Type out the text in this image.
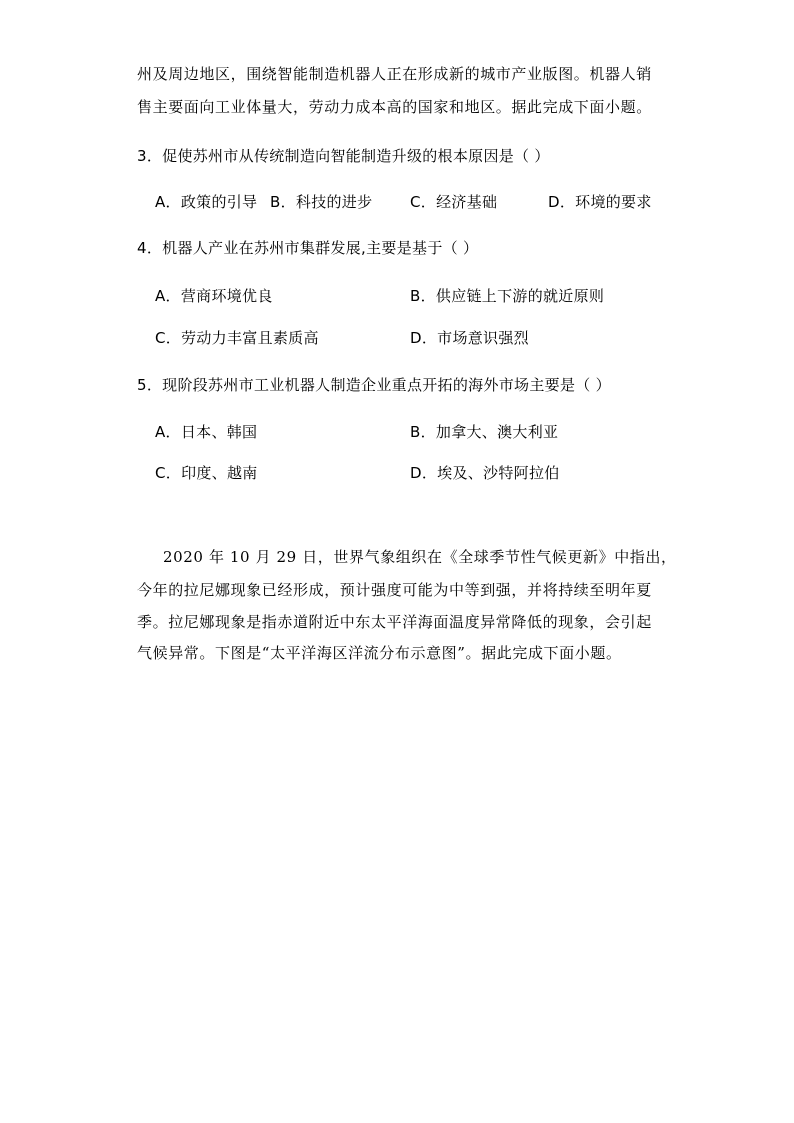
州及周边地区，围绕智能制造机器人正在形成新的城市产业版图。机器人销
售主要面向工业体量大，劳动力成本高的国家和地区。据此完成下面小题。
3．促使苏州市从传统制造向智能制造升级的根本原因是（ ）
A．政策的引导 B．科技的进步	C．经济基础	D．环境的要求
4．机器人产业在苏州市集群发展,主要是基于（ ）
A．营商环境优良	B．供应链上下游的就近原则
C．劳动力丰富且素质高	D．市场意识强烈
5．现阶段苏州市工业机器人制造企业重点开拓的海外市场主要是（ ）
A．日本、韩国	B．加拿大、澳大利亚
C．印度、越南	D．埃及、沙特阿拉伯
2020 年 10 月 29 日，世界气象组织在《全球季节性气候更新》中指出，
今年的拉尼娜现象已经形成，预计强度可能为中等到强，并将持续至明年夏
季。拉尼娜现象是指赤道附近中东太平洋海面温度异常降低的现象，会引起
气候异常。下图是“太平洋海区洋流分布示意图”。据此完成下面小题。
